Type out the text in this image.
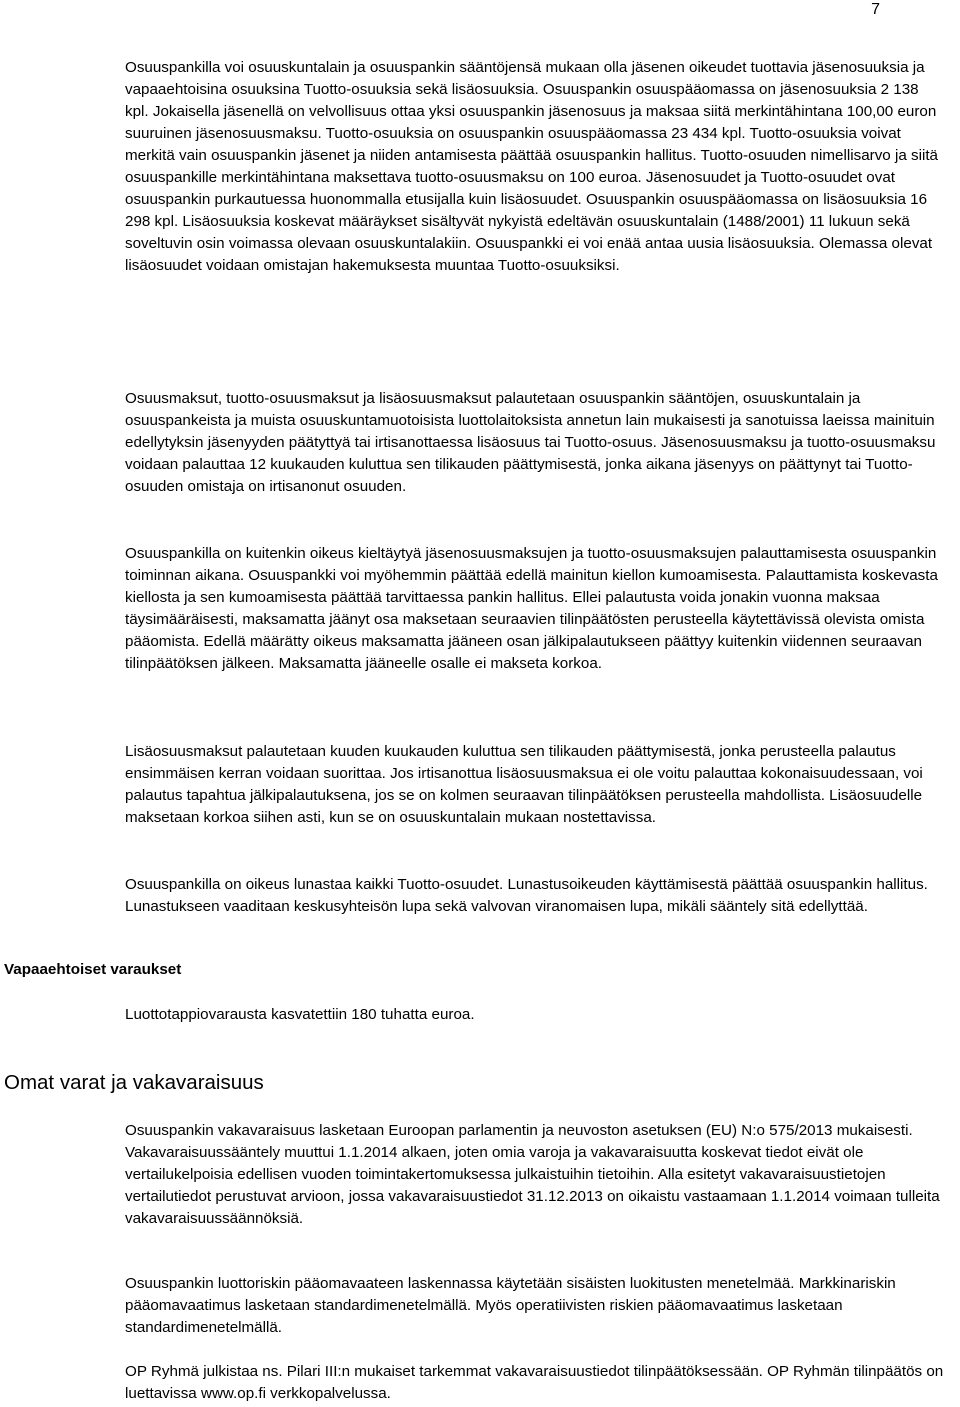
7

Osuuspankilla voi osuuskuntalain ja osuuspankin sääntöjensä mukaan olla jäsenen oikeudet tuottavia jäsenosuuksia ja vapaaehtoisina osuuksina Tuotto-osuuksia sekä lisäosuuksia. Osuuspankin osuuspääomassa on jäsenosuuksia 2 138 kpl. Jokaisella jäsenellä on velvollisuus ottaa yksi osuuspankin jäsenosuus ja maksaa siitä merkintähintana 100,00 euron suuruinen jäsenosuusmaksu. Tuotto-osuuksia on osuuspankin osuuspääomassa 23 434 kpl. Tuotto-osuuksia voivat merkitä vain osuuspankin jäsenet ja niiden antamisesta päättää osuuspankin hallitus. Tuotto-osuuden nimellisarvo ja siitä osuuspankille merkintähintana maksettava tuotto-osuusmaksu on 100 euroa. Jäsenosuudet ja Tuotto-osuudet ovat osuuspankin purkautuessa huonommalla etusijalla kuin lisäosuudet. Osuuspankin osuuspääomassa on lisäosuuksia 16 298 kpl. Lisäosuuksia koskevat määräykset sisältyvät nykyistä edeltävän osuuskuntalain (1488/2001) 11 lukuun sekä soveltuvin osin voimassa olevaan osuuskuntalakiin. Osuuspankki ei voi enää antaa uusia lisäosuuksia. Olemassa olevat lisäosuudet voidaan omistajan hakemuksesta muuntaa Tuotto-osuuksiksi.

Osuusmaksut, tuotto-osuusmaksut ja lisäosuusmaksut palautetaan osuuspankin sääntöjen, osuuskuntalain ja osuuspankeista ja muista osuuskuntamuotoisista luottolaitoksista annetun lain mukaisesti ja sanotuissa laeissa mainituin edellytyksin jäsenyyden päätyttyä tai irtisanottaessa lisäosuus tai Tuotto-osuus. Jäsenosuusmaksu ja tuotto-osuusmaksu voidaan palauttaa 12 kuukauden kuluttua sen tilikauden päättymisestä, jonka aikana jäsenyys on päättynyt tai Tuotto-osuuden omistaja on irtisanonut osuuden.

Osuuspankilla on kuitenkin oikeus kieltäytyä jäsenosuusmaksujen ja tuotto-osuusmaksujen palauttamisesta osuuspankin toiminnan aikana. Osuuspankki voi myöhemmin päättää edellä mainitun kiellon kumoamisesta. Palauttamista koskevasta kiellosta ja sen kumoamisesta päättää tarvittaessa pankin hallitus. Ellei palautusta voida jonakin vuonna maksaa täysimääräisesti, maksamatta jäänyt osa maksetaan seuraavien tilinpäätösten perusteella käytettävissä olevista omista pääomista. Edellä määrätty oikeus maksamatta jääneen osan jälkipalautukseen päättyy kuitenkin viidennen seuraavan tilinpäätöksen jälkeen. Maksamatta jääneelle osalle ei makseta korkoa.

Lisäosuusmaksut palautetaan kuuden kuukauden kuluttua sen tilikauden päättymisestä, jonka perusteella palautus ensimmäisen kerran voidaan suorittaa. Jos irtisanottua lisäosuusmaksua ei ole voitu palauttaa kokonaisuudessaan, voi palautus tapahtua jälkipalautuksena, jos se on kolmen seuraavan tilinpäätöksen perusteella mahdollista. Lisäosuudelle maksetaan korkoa siihen asti, kun se on osuuskuntalain mukaan nostettavissa.

Osuuspankilla on oikeus lunastaa kaikki Tuotto-osuudet. Lunastusoikeuden käyttämisestä päättää osuuspankin hallitus. Lunastukseen vaaditaan keskusyhteisön lupa sekä valvovan viranomaisen lupa, mikäli sääntely sitä edellyttää.

Vapaaehtoiset varaukset

Luottotappiovarausta kasvatettiin 180 tuhatta euroa.

Omat varat ja vakavaraisuus

Osuuspankin vakavaraisuus lasketaan Euroopan parlamentin ja neuvoston asetuksen (EU) N:o 575/2013 mukaisesti. Vakavaraisuussääntely muuttui 1.1.2014 alkaen, joten omia varoja ja vakavaraisuutta koskevat tiedot eivät ole vertailukelpoisia edellisen vuoden toimintakertomuksessa julkaistuihin tietoihin. Alla esitetyt vakavaraisuustietojen vertailutiedot perustuvat arvioon, jossa vakavaraisuustiedot 31.12.2013 on oikaistu vastaamaan 1.1.2014 voimaan tulleita vakavaraisuussäännöksiä.

Osuuspankin luottoriskin pääomavaateen laskennassa käytetään sisäisten luokitusten menetelmää. Markkinariskin pääomavaatimus lasketaan standardimenetelmällä. Myös operatiivisten riskien pääomavaatimus lasketaan standardimenetelmällä.

OP Ryhmä julkistaa ns. Pilari III:n mukaiset tarkemmat vakavaraisuustiedot tilinpäätöksessään. OP Ryhmän tilinpäätös on luettavissa www.op.fi verkkopalvelussa.
